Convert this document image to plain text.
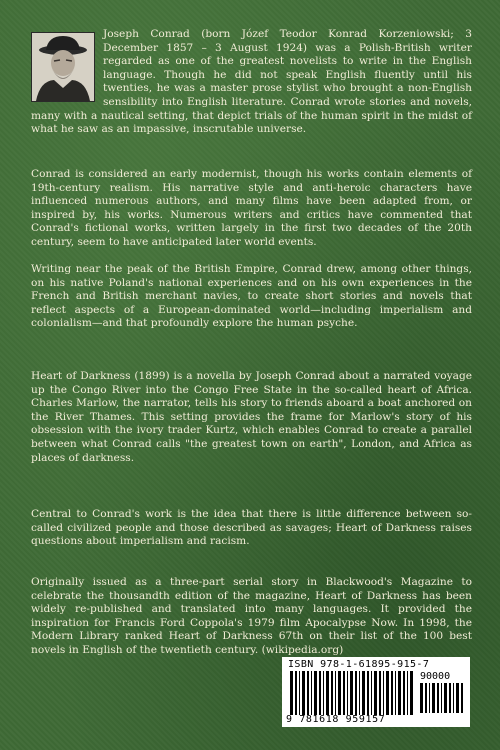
Joseph Conrad (born Józef Teodor Konrad Korzeniowski; 3 December 1857 – 3 August 1924) was a Polish-British writer regarded as one of the greatest novelists to write in the English language. Though he did not speak English fluently until his twenties, he was a master prose stylist who brought a non-English sensibility into English literature. Conrad wrote stories and novels, many with a nautical setting, that depict trials of the human spirit in the midst of what he saw as an impassive, inscrutable universe.
Conrad is considered an early modernist, though his works contain elements of 19th-century realism. His narrative style and anti-heroic characters have influenced numerous authors, and many films have been adapted from, or inspired by, his works. Numerous writers and critics have commented that Conrad's fictional works, written largely in the first two decades of the 20th century, seem to have anticipated later world events.
Writing near the peak of the British Empire, Conrad drew, among other things, on his native Poland's national experiences and on his own experiences in the French and British merchant navies, to create short stories and novels that reflect aspects of a European-dominated world—including imperialism and colonialism—and that profoundly explore the human psyche.
Heart of Darkness (1899) is a novella by Joseph Conrad about a narrated voyage up the Congo River into the Congo Free State in the so-called heart of Africa. Charles Marlow, the narrator, tells his story to friends aboard a boat anchored on the River Thames. This setting provides the frame for Marlow's story of his obsession with the ivory trader Kurtz, which enables Conrad to create a parallel between what Conrad calls "the greatest town on earth", London, and Africa as places of darkness.
Central to Conrad's work is the idea that there is little difference between so-called civilized people and those described as savages; Heart of Darkness raises questions about imperialism and racism.
Originally issued as a three-part serial story in Blackwood's Magazine to celebrate the thousandth edition of the magazine, Heart of Darkness has been widely re-published and translated into many languages. It provided the inspiration for Francis Ford Coppola's 1979 film Apocalypse Now. In 1998, the Modern Library ranked Heart of Darkness 67th on their list of the 100 best novels in English of the twentieth century. (wikipedia.org)
ISBN 978-1-61895-915-7
90000
9 781618 959157
